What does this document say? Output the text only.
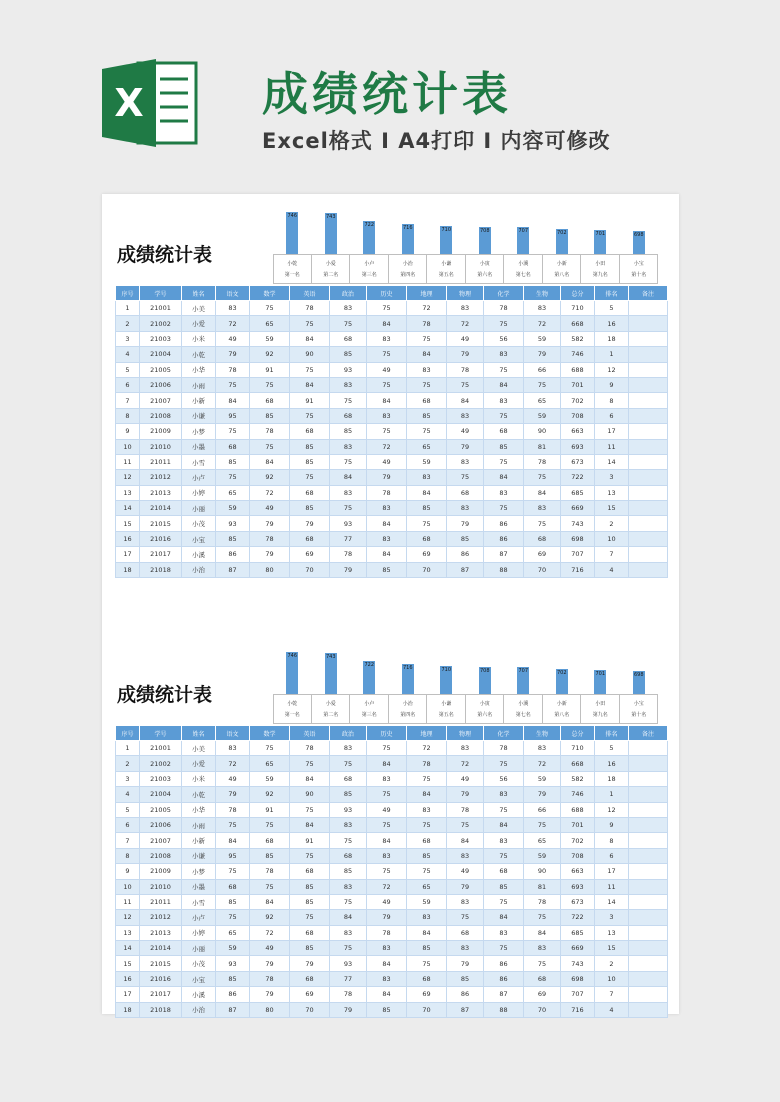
X	成绩统计表
Excel格式 I A4打印 I 内容可修改
成绩统计表
746
小乾
第一名
743
小爱
第二名
722
小卢
第三名
716
小治
第四名
710
小谦
第五名
708
小寅
第六名
707
小溪
第七名
702
小新
第八名
701
小田
第九名
698
小宝
第十名
序号	学号	姓名	语文	数学	英语	政治	历史	地理	物理	化学	生物	总分	排名	备注
1	21001	小美	83	75	78	83	75	72	83	78	83	710	5	
2	21002	小爱	72	65	75	75	84	78	72	75	72	668	16	
3	21003	小米	49	59	84	68	83	75	49	56	59	582	18	
4	21004	小乾	79	92	90	85	75	84	79	83	79	746	1	
5	21005	小华	78	91	75	93	49	83	78	75	66	688	12	
6	21006	小雨	75	75	84	83	75	75	75	84	75	701	9	
7	21007	小新	84	68	91	75	84	68	84	83	65	702	8	
8	21008	小谦	95	85	75	68	83	85	83	75	59	708	6	
9	21009	小梦	75	78	68	85	75	75	49	68	90	663	17	
10	21010	小墨	68	75	85	83	72	65	79	85	81	693	11	
11	21011	小雪	85	84	85	75	49	59	83	75	78	673	14	
12	21012	小卢	75	92	75	84	79	83	75	84	75	722	3	
13	21013	小婷	65	72	68	83	78	84	68	83	84	685	13	
14	21014	小丽	59	49	85	75	83	85	83	75	83	669	15	
15	21015	小茂	93	79	79	93	84	75	79	86	75	743	2	
16	21016	小宝	85	78	68	77	83	68	85	86	68	698	10	
17	21017	小溪	86	79	69	78	84	69	86	87	69	707	7	
18	21018	小治	87	80	70	79	85	70	87	88	70	716	4	
成绩统计表
746
小乾
第一名
743
小爱
第二名
722
小卢
第三名
716
小治
第四名
710
小谦
第五名
708
小寅
第六名
707
小溪
第七名
702
小新
第八名
701
小田
第九名
698
小宝
第十名
序号	学号	姓名	语文	数学	英语	政治	历史	地理	物理	化学	生物	总分	排名	备注
1	21001	小美	83	75	78	83	75	72	83	78	83	710	5	
2	21002	小爱	72	65	75	75	84	78	72	75	72	668	16	
3	21003	小米	49	59	84	68	83	75	49	56	59	582	18	
4	21004	小乾	79	92	90	85	75	84	79	83	79	746	1	
5	21005	小华	78	91	75	93	49	83	78	75	66	688	12	
6	21006	小雨	75	75	84	83	75	75	75	84	75	701	9	
7	21007	小新	84	68	91	75	84	68	84	83	65	702	8	
8	21008	小谦	95	85	75	68	83	85	83	75	59	708	6	
9	21009	小梦	75	78	68	85	75	75	49	68	90	663	17	
10	21010	小墨	68	75	85	83	72	65	79	85	81	693	11	
11	21011	小雪	85	84	85	75	49	59	83	75	78	673	14	
12	21012	小卢	75	92	75	84	79	83	75	84	75	722	3	
13	21013	小婷	65	72	68	83	78	84	68	83	84	685	13	
14	21014	小丽	59	49	85	75	83	85	83	75	83	669	15	
15	21015	小茂	93	79	79	93	84	75	79	86	75	743	2	
16	21016	小宝	85	78	68	77	83	68	85	86	68	698	10	
17	21017	小溪	86	79	69	78	84	69	86	87	69	707	7	
18	21018	小治	87	80	70	79	85	70	87	88	70	716	4	
